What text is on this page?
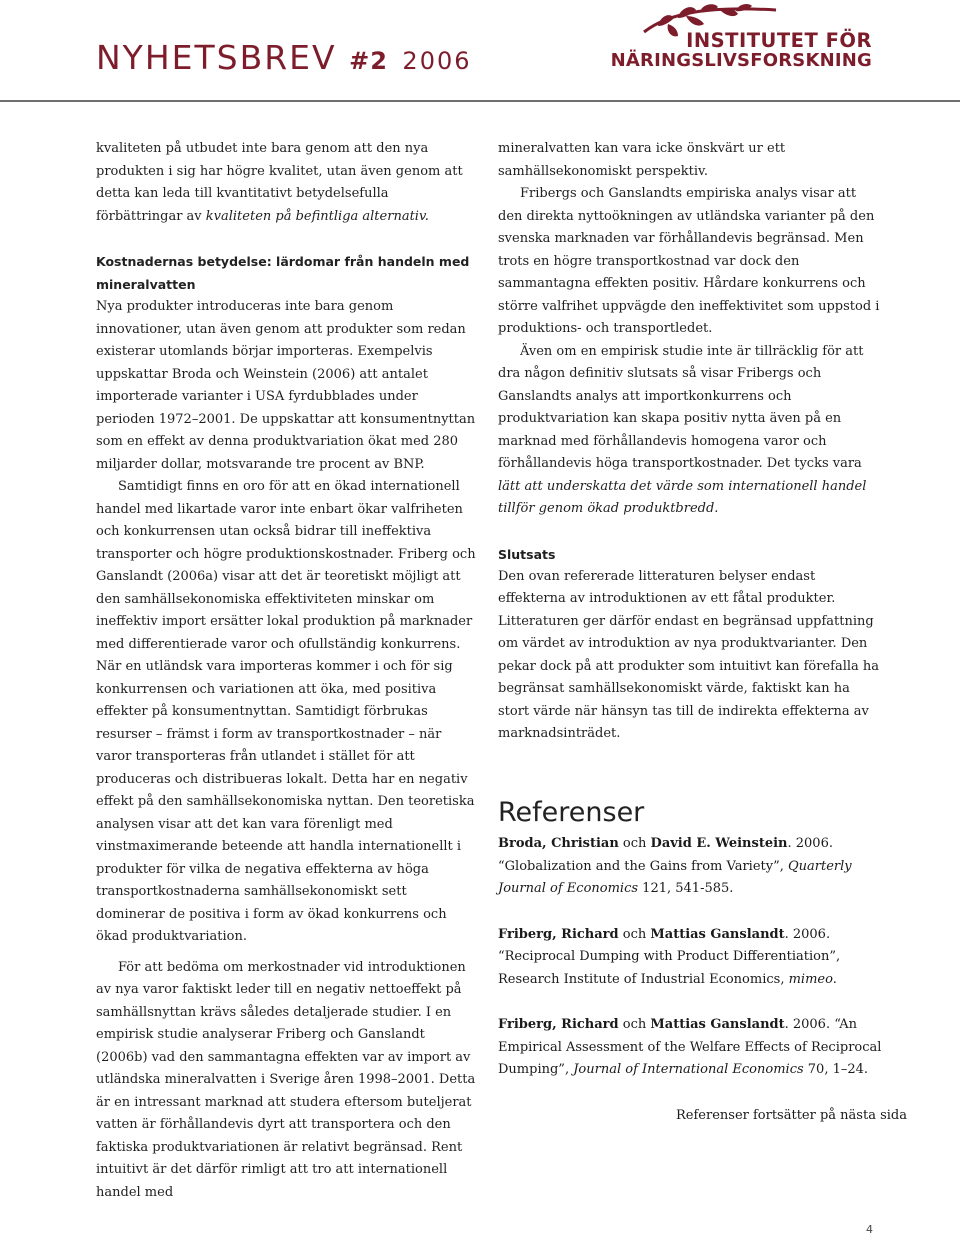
NYHETSBREV #2 2006
INSTITUTET FÖR
NÄRINGSLIVSFORSKNING

kvaliteten på utbudet inte bara genom att den nya produkten i sig har högre kvalitet, utan även genom att detta kan leda till kvantitativt betydelsefulla förbättringar av kvaliteten på befintliga alternativ.

Kostnadernas betydelse: lärdomar från handeln med mineralvatten

Nya produkter introduceras inte bara genom innovationer, utan även genom att produkter som redan existerar utomlands börjar importeras. Exempelvis uppskattar Broda och Weinstein (2006) att antalet importerade varianter i USA fyrdubblades under perioden 1972–2001. De uppskattar att konsumentnyttan som en effekt av denna produktvariation ökat med 280 miljarder dollar, motsvarande tre procent av BNP.

Samtidigt finns en oro för att en ökad internationell handel med likartade varor inte enbart ökar valfriheten och konkurrensen utan också bidrar till ineffektiva transporter och högre produktionskostnader. Friberg och Ganslandt (2006a) visar att det är teoretiskt möjligt att den samhällsekonomiska effektiviteten minskar om ineffektiv import ersätter lokal produktion på marknader med differentierade varor och ofullständig konkurrens. När en utländsk vara importeras kommer i och för sig konkurrensen och variationen att öka, med positiva effekter på konsumentnyttan. Samtidigt förbrukas resurser – främst i form av transportkostnader – när varor transporteras från utlandet i stället för att produceras och distribueras lokalt. Detta har en negativ effekt på den samhällsekonomiska nyttan. Den teoretiska analysen visar att det kan vara förenligt med vinstmaximerande beteende att handla internationellt i produkter för vilka de negativa effekterna av höga transportkostnaderna samhällsekonomiskt sett dominerar de positiva i form av ökad konkurrens och ökad produktvariation.

För att bedöma om merkostnader vid introduktionen av nya varor faktiskt leder till en negativ nettoeffekt på samhällsnyttan krävs således detaljerade studier. I en empirisk studie analyserar Friberg och Ganslandt (2006b) vad den sammantagna effekten var av import av utländska mineralvatten i Sverige åren 1998–2001. Detta är en intressant marknad att studera eftersom buteljerat vatten är förhållandevis dyrt att transportera och den faktiska produktvariationen är relativt begränsad. Rent intuitivt är det därför rimligt att tro att internationell handel med

mineralvatten kan vara icke önskvärt ur ett samhällsekonomiskt perspektiv.

Fribergs och Ganslandts empiriska analys visar att den direkta nyttoökningen av utländska varianter på den svenska marknaden var förhållandevis begränsad. Men trots en högre transportkostnad var dock den sammantagna effekten positiv. Hårdare konkurrens och större valfrihet uppvägde den ineffektivitet som uppstod i produktions- och transportledet.

Även om en empirisk studie inte är tillräcklig för att dra någon definitiv slutsats så visar Fribergs och Ganslandts analys att importkonkurrens och produktvariation kan skapa positiv nytta även på en marknad med förhållandevis homogena varor och förhållandevis höga transportkostnader. Det tycks vara lätt att underskatta det värde som internationell handel tillför genom ökad produktbredd.

Slutsats

Den ovan refererade litteraturen belyser endast effekterna av introduktionen av ett fåtal produkter. Litteraturen ger därför endast en begränsad uppfattning om värdet av introduktion av nya produktvarianter. Den pekar dock på att produkter som intuitivt kan förefalla ha begränsat samhällsekonomiskt värde, faktiskt kan ha stort värde när hänsyn tas till de indirekta effekterna av marknadsinträdet.

Referenser
Broda, Christian och David E. Weinstein. 2006. “Globalization and the Gains from Variety”, Quarterly Journal of Economics 121, 541-585.
Friberg, Richard och Mattias Ganslandt. 2006. “Reciprocal Dumping with Product Differentiation”, Research Institute of Industrial Economics, mimeo.
Friberg, Richard och Mattias Ganslandt. 2006. “An Empirical Assessment of the Welfare Effects of Reciprocal Dumping”, Journal of International Economics 70, 1–24.
Referenser fortsätter på nästa sida
4
